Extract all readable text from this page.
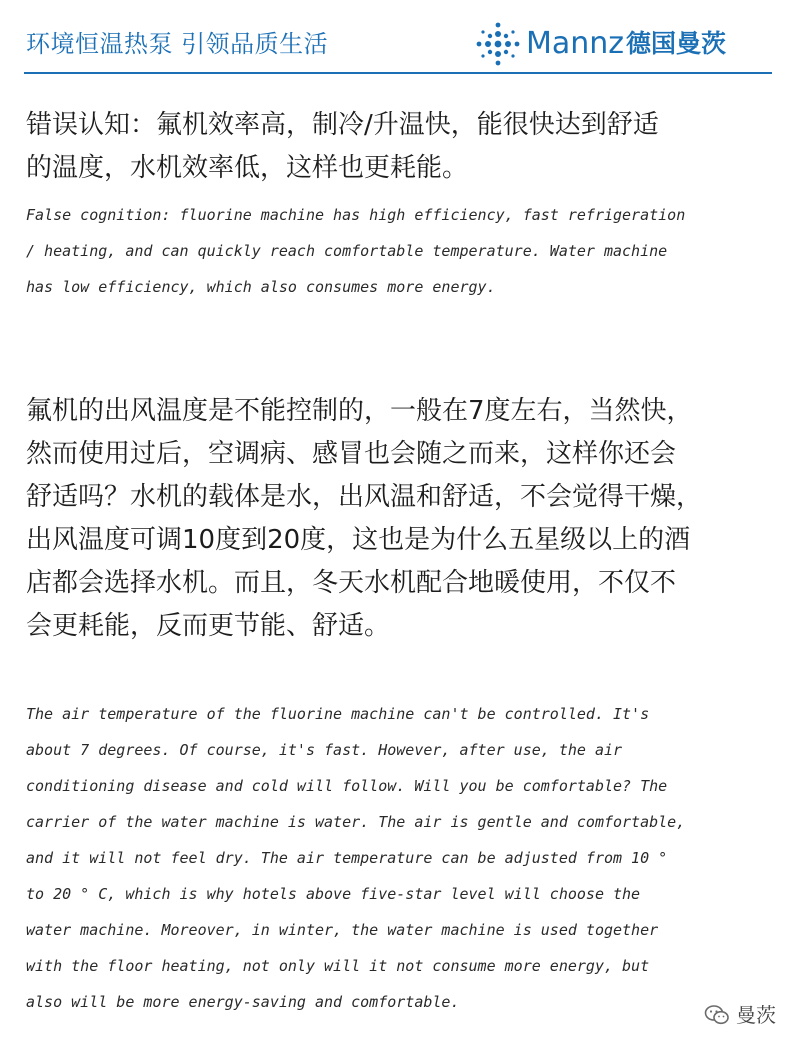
环境恒温热泵 引领品质生活	Mannz 德国曼茨
错误认知：氟机效率高，制冷/升温快，能很快达到舒适
的温度，水机效率低，这样也更耗能。
False cognition: fluorine machine has high efficiency, fast refrigeration
/ heating, and can quickly reach comfortable temperature. Water machine
has low efficiency, which also consumes more energy.
氟机的出风温度是不能控制的，一般在7度左右，当然快，
然而使用过后，空调病、感冒也会随之而来，这样你还会
舒适吗？水机的载体是水，出风温和舒适，不会觉得干燥，
出风温度可调10度到20度，这也是为什么五星级以上的酒
店都会选择水机。而且，冬天水机配合地暖使用，不仅不
会更耗能，反而更节能、舒适。
The air temperature of the fluorine machine can't be controlled. It's
about 7 degrees. Of course, it's fast. However, after use, the air
conditioning disease and cold will follow. Will you be comfortable? The
carrier of the water machine is water. The air is gentle and comfortable,
and it will not feel dry. The air temperature can be adjusted from 10 °
to 20 ° C, which is why hotels above five-star level will choose the
water machine. Moreover, in winter, the water machine is used together
with the floor heating, not only will it not consume more energy, but
also will be more energy-saving and comfortable.
曼茨
